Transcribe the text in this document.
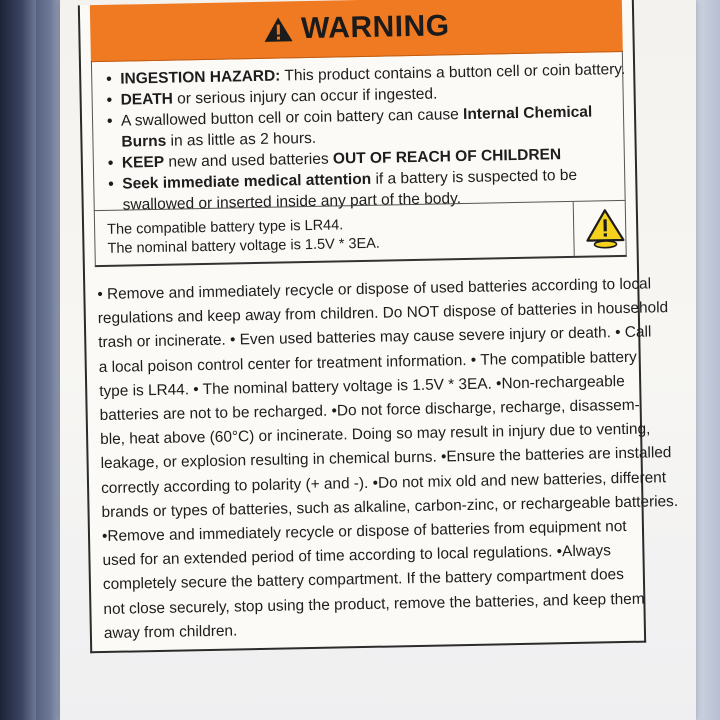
WARNING
• INGESTION HAZARD: This product contains a button cell or coin battery.
• DEATH or serious injury can occur if ingested.
• A swallowed button cell or coin battery can cause Internal Chemical
Burns in as little as 2 hours.
• KEEP new and used batteries OUT OF REACH OF CHILDREN
• Seek immediate medical attention if a battery is suspected to be
swallowed or inserted inside any part of the body.
The compatible battery type is LR44.
The nominal battery voltage is 1.5V * 3EA.
• Remove and immediately recycle or dispose of used batteries according to local
regulations and keep away from children. Do NOT dispose of batteries in household
trash or incinerate. • Even used batteries may cause severe injury or death. • Call
a local poison control center for treatment information. • The compatible battery
type is LR44. • The nominal battery voltage is 1.5V * 3EA. •Non-rechargeable
batteries are not to be recharged. •Do not force discharge, recharge, disassem-
ble, heat above (60°C) or incinerate. Doing so may result in injury due to venting,
leakage, or explosion resulting in chemical burns. •Ensure the batteries are installed
correctly according to polarity (+ and -). •Do not mix old and new batteries, different
brands or types of batteries, such as alkaline, carbon-zinc, or rechargeable batteries.
•Remove and immediately recycle or dispose of batteries from equipment not
used for an extended period of time according to local regulations. •Always
completely secure the battery compartment. If the battery compartment does
not close securely, stop using the product, remove the batteries, and keep them
away from children.
